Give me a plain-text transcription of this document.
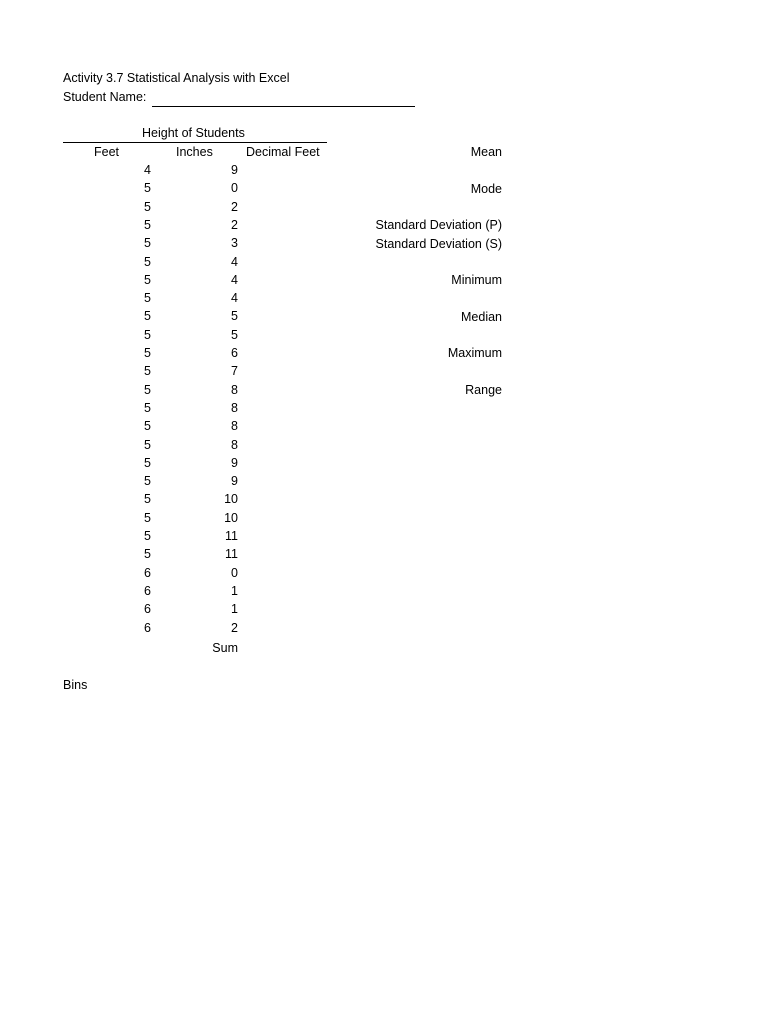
Activity 3.7 Statistical Analysis with Excel
Student Name:
Height of Students
Feet	Inches	Decimal Feet
4	9
5	0
5	2
5	2
5	3
5	4
5	4
5	4
5	5
5	5
5	6
5	7
5	8
5	8
5	8
5	8
5	9
5	9
5	10
5	10
5	11
5	11
6	0
6	1
6	1
6	2
Sum
Bins
Mean
Mode
Standard Deviation (P)
Standard Deviation (S)
Minimum
Median
Maximum
Range
